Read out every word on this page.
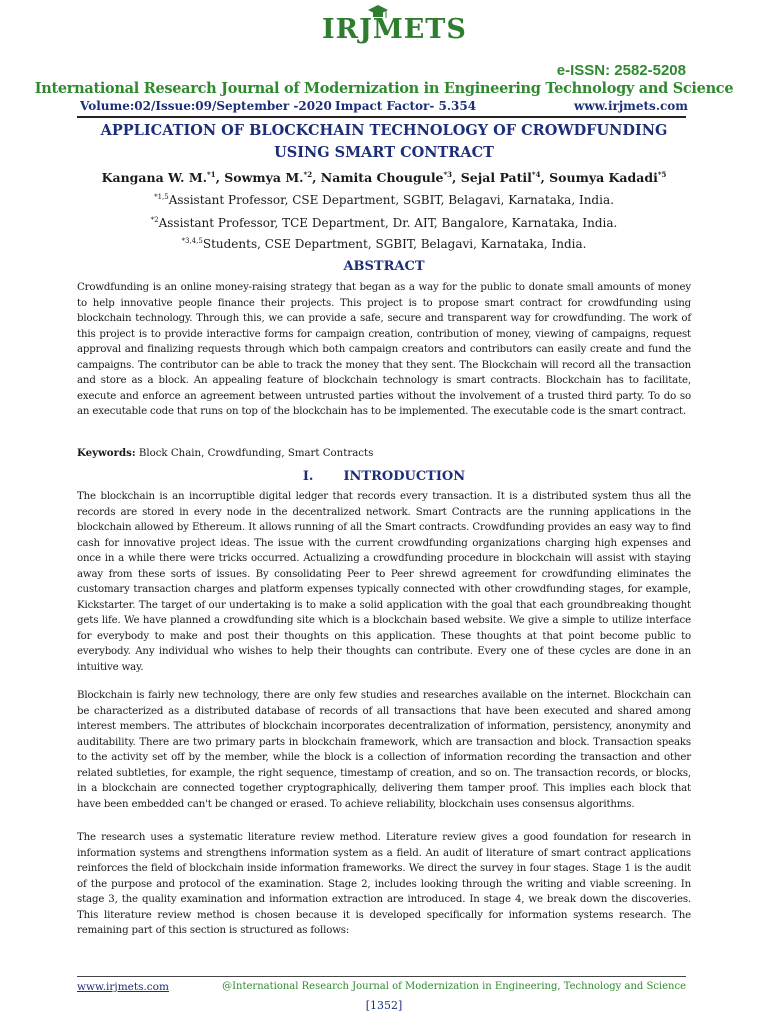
IRJMETS
e-ISSN: 2582-5208
International Research Journal of Modernization in Engineering Technology and Science
Volume:02/Issue:09/September -2020 Impact Factor- 5.354	www.irjmets.com
APPLICATION OF BLOCKCHAIN TECHNOLOGY OF CROWDFUNDING USING SMART CONTRACT
Kangana W. M.$^{*1}$, Sowmya M.$^{*2}$, Namita Chougule$^{*3}$, Sejal Patil$^{*4}$, Soumya Kadadi$^{*5}$
$^{*1,5}$Assistant Professor, CSE Department, SGBIT, Belagavi, Karnataka, India.
$^{*2}$Assistant Professor, TCE Department, Dr. AIT, Bangalore, Karnataka, India.
$^{*3,4,5}$Students, CSE Department, SGBIT, Belagavi, Karnataka, India.
ABSTRACT
Crowdfunding is an online money-raising strategy that began as a way for the public to donate small amounts of money to help innovative people finance their projects. This project is to propose smart contract for crowdfunding using blockchain technology. Through this, we can provide a safe, secure and transparent way for crowdfunding. The work of this project is to provide interactive forms for campaign creation, contribution of money, viewing of campaigns, request approval and finalizing requests through which both campaign creators and contributors can easily create and fund the campaigns. The contributor can be able to track the money that they sent. The Blockchain will record all the transaction and store as a block. An appealing feature of blockchain technology is smart contracts. Blockchain has to facilitate, execute and enforce an agreement between untrusted parties without the involvement of a trusted third party. To do so an executable code that runs on top of the blockchain has to be implemented. The executable code is the smart contract.
Keywords: Block Chain, Crowdfunding, Smart Contracts
I. INTRODUCTION
The blockchain is an incorruptible digital ledger that records every transaction. It is a distributed system thus all the records are stored in every node in the decentralized network. Smart Contracts are the running applications in the blockchain allowed by Ethereum. It allows running of all the Smart contracts. Crowdfunding provides an easy way to find cash for innovative project ideas. The issue with the current crowdfunding organizations charging high expenses and once in a while there were tricks occurred. Actualizing a crowdfunding procedure in blockchain will assist with staying away from these sorts of issues. By consolidating Peer to Peer shrewd agreement for crowdfunding eliminates the customary transaction charges and platform expenses typically connected with other crowdfunding stages, for example, Kickstarter. The target of our undertaking is to make a solid application with the goal that each groundbreaking thought gets life. We have planned a crowdfunding site which is a blockchain based website. We give a simple to utilize interface for everybody to make and post their thoughts on this application. These thoughts at that point become public to everybody. Any individual who wishes to help their thoughts can contribute. Every one of these cycles are done in an intuitive way.
Blockchain is fairly new technology, there are only few studies and researches available on the internet. Blockchain can be characterized as a distributed database of records of all transactions that have been executed and shared among interest members. The attributes of blockchain incorporates decentralization of information, persistency, anonymity and auditability. There are two primary parts in blockchain framework, which are transaction and block. Transaction speaks to the activity set off by the member, while the block is a collection of information recording the transaction and other related subtleties, for example, the right sequence, timestamp of creation, and so on. The transaction records, or blocks, in a blockchain are connected together cryptographically, delivering them tamper proof. This implies each block that have been embedded can't be changed or erased. To achieve reliability, blockchain uses consensus algorithms.
The research uses a systematic literature review method. Literature review gives a good foundation for research in information systems and strengthens information system as a field. An audit of literature of smart contract applications reinforces the field of blockchain inside information frameworks. We direct the survey in four stages. Stage 1 is the audit of the purpose and protocol of the examination. Stage 2, includes looking through the writing and viable screening. In stage 3, the quality examination and information extraction are introduced. In stage 4, we break down the discoveries. This literature review method is chosen because it is developed specifically for information systems research. The remaining part of this section is structured as follows:
www.irjmets.com	@International Research Journal of Modernization in Engineering, Technology and Science
[1352]
